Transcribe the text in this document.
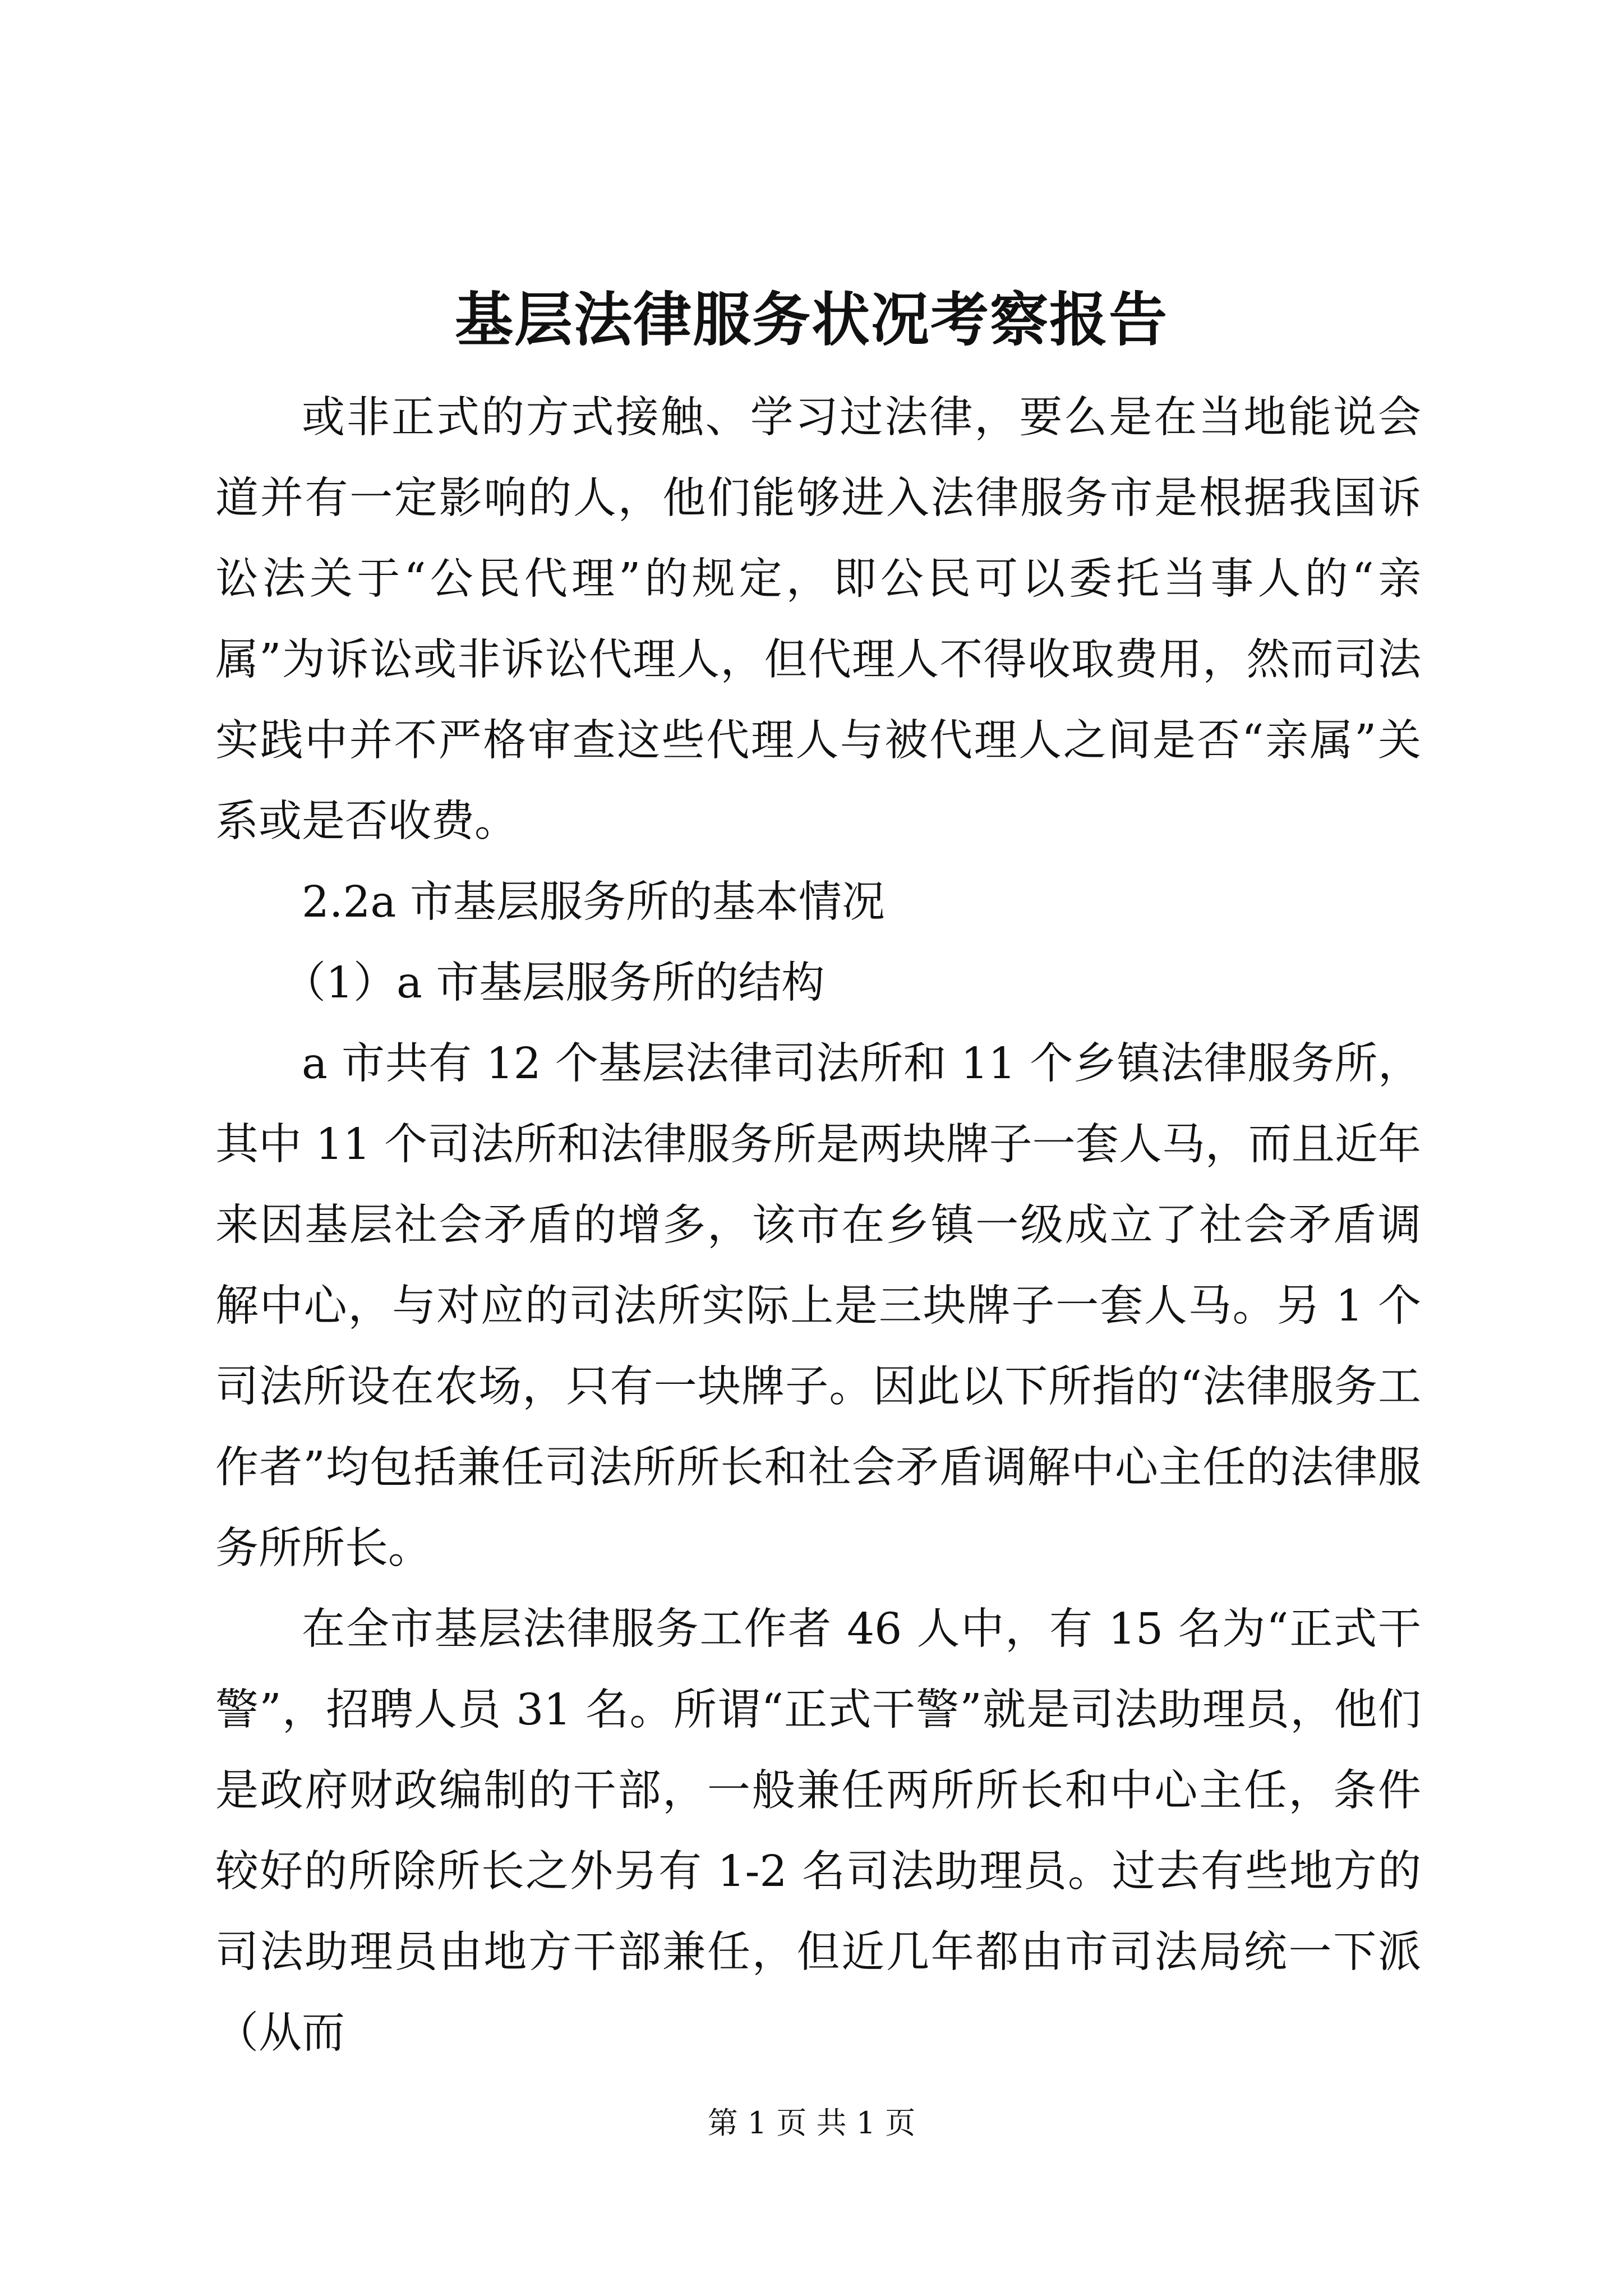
基层法律服务状况考察报告

或非正式的方式接触、学习过法律，要么是在当地能说会道并有一定影响的人，他们能够进入法律服务市是根据我国诉讼法关于“公民代理”的规定，即公民可以委托当事人的“亲属”为诉讼或非诉讼代理人，但代理人不得收取费用，然而司法实践中并不严格审查这些代理人与被代理人之间是否“亲属”关系或是否收费。

2.2a 市基层服务所的基本情况

（1）a 市基层服务所的结构

a 市共有 12 个基层法律司法所和 11 个乡镇法律服务所，其中 11 个司法所和法律服务所是两块牌子一套人马，而且近年来因基层社会矛盾的增多，该市在乡镇一级成立了社会矛盾调解中心，与对应的司法所实际上是三块牌子一套人马。另 1 个司法所设在农场，只有一块牌子。因此以下所指的“法律服务工作者”均包括兼任司法所所长和社会矛盾调解中心主任的法律服务所所长。

在全市基层法律服务工作者 46 人中，有 15 名为“正式干警”，招聘人员 31 名。所谓“正式干警”就是司法助理员，他们是政府财政编制的干部，一般兼任两所所长和中心主任，条件较好的所除所长之外另有 1-2 名司法助理员。过去有些地方的司法助理员由地方干部兼任，但近几年都由市司法局统一下派（从而

第 1 页 共 1 页
